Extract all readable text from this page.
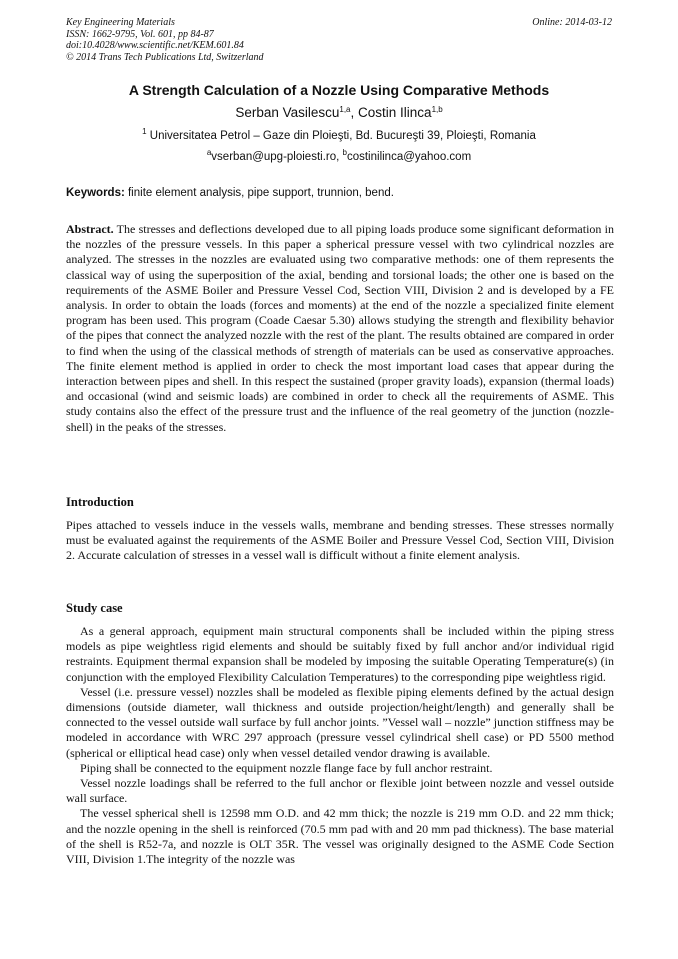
Key Engineering Materials
ISSN: 1662-9795, Vol. 601, pp 84-87
doi:10.4028/www.scientific.net/KEM.601.84
© 2014 Trans Tech Publications Ltd, Switzerland
Online: 2014-03-12
A Strength Calculation of a Nozzle Using Comparative Methods
Serban Vasilescu$^{1,a}$, Costin Ilinca$^{1,b}$
$^1$ Universitatea Petrol – Gaze din Ploieşti, Bd. Bucureşti 39, Ploieşti, Romania
$^a$vserban@upg-ploiesti.ro, $^b$costinilinca@yahoo.com
Keywords: finite element analysis, pipe support, trunnion, bend.

Abstract. The stresses and deflections developed due to all piping loads produce some significant deformation in the nozzles of the pressure vessels. In this paper a spherical pressure vessel with two cylindrical nozzles are analyzed. The stresses in the nozzles are evaluated using two comparative methods: one of them represents the classical way of using the superposition of the axial, bending and torsional loads; the other one is based on the requirements of the ASME Boiler and Pressure Vessel Cod, Section VIII, Division 2 and is developed by a FE analysis. In order to obtain the loads (forces and moments) at the end of the nozzle a specialized finite element program has been used. This program (Coade Caesar 5.30) allows studying the strength and flexibility behavior of the pipes that connect the analyzed nozzle with the rest of the plant. The results obtained are compared in order to find when the using of the classical methods of strength of materials can be used as conservative approaches. The finite element method is applied in order to check the most important load cases that appear during the interaction between pipes and shell. In this respect the sustained (proper gravity loads), expansion (thermal loads) and occasional (wind and seismic loads) are combined in order to check all the requirements of ASME. This study contains also the effect of the pressure trust and the influence of the real geometry of the junction (nozzle-shell) in the peaks of the stresses.

Introduction

Pipes attached to vessels induce in the vessels walls, membrane and bending stresses. These stresses normally must be evaluated against the requirements of the ASME Boiler and Pressure Vessel Cod, Section VIII, Division 2. Accurate calculation of stresses in a vessel wall is difficult without a finite element analysis.

Study case

As a general approach, equipment main structural components shall be included within the piping stress models as pipe weightless rigid elements and should be suitably fixed by full anchor and/or individual rigid restraints. Equipment thermal expansion shall be modeled by imposing the suitable Operating Temperature(s) (in conjunction with the employed Flexibility Calculation Temperatures) to the corresponding pipe weightless rigid.

Vessel (i.e. pressure vessel) nozzles shall be modeled as flexible piping elements defined by the actual design dimensions (outside diameter, wall thickness and outside projection/height/length) and generally shall be connected to the vessel outside wall surface by full anchor joints. ”Vessel wall – nozzle” junction stiffness may be modeled in accordance with WRC 297 approach (pressure vessel cylindrical shell case) or PD 5500 method (spherical or elliptical head case) only when vessel detailed vendor drawing is available.

Piping shall be connected to the equipment nozzle flange face by full anchor restraint.

Vessel nozzle loadings shall be referred to the full anchor or flexible joint between nozzle and vessel outside wall surface.

The vessel spherical shell is 12598 mm O.D. and 42 mm thick; the nozzle is 219 mm O.D. and 22 mm thick; and the nozzle opening in the shell is reinforced (70.5 mm pad with and 20 mm pad thickness). The base material of the shell is R52-7a, and nozzle is OLT 35R. The vessel was originally designed to the ASME Code Section VIII, Division 1.The integrity of the nozzle was
